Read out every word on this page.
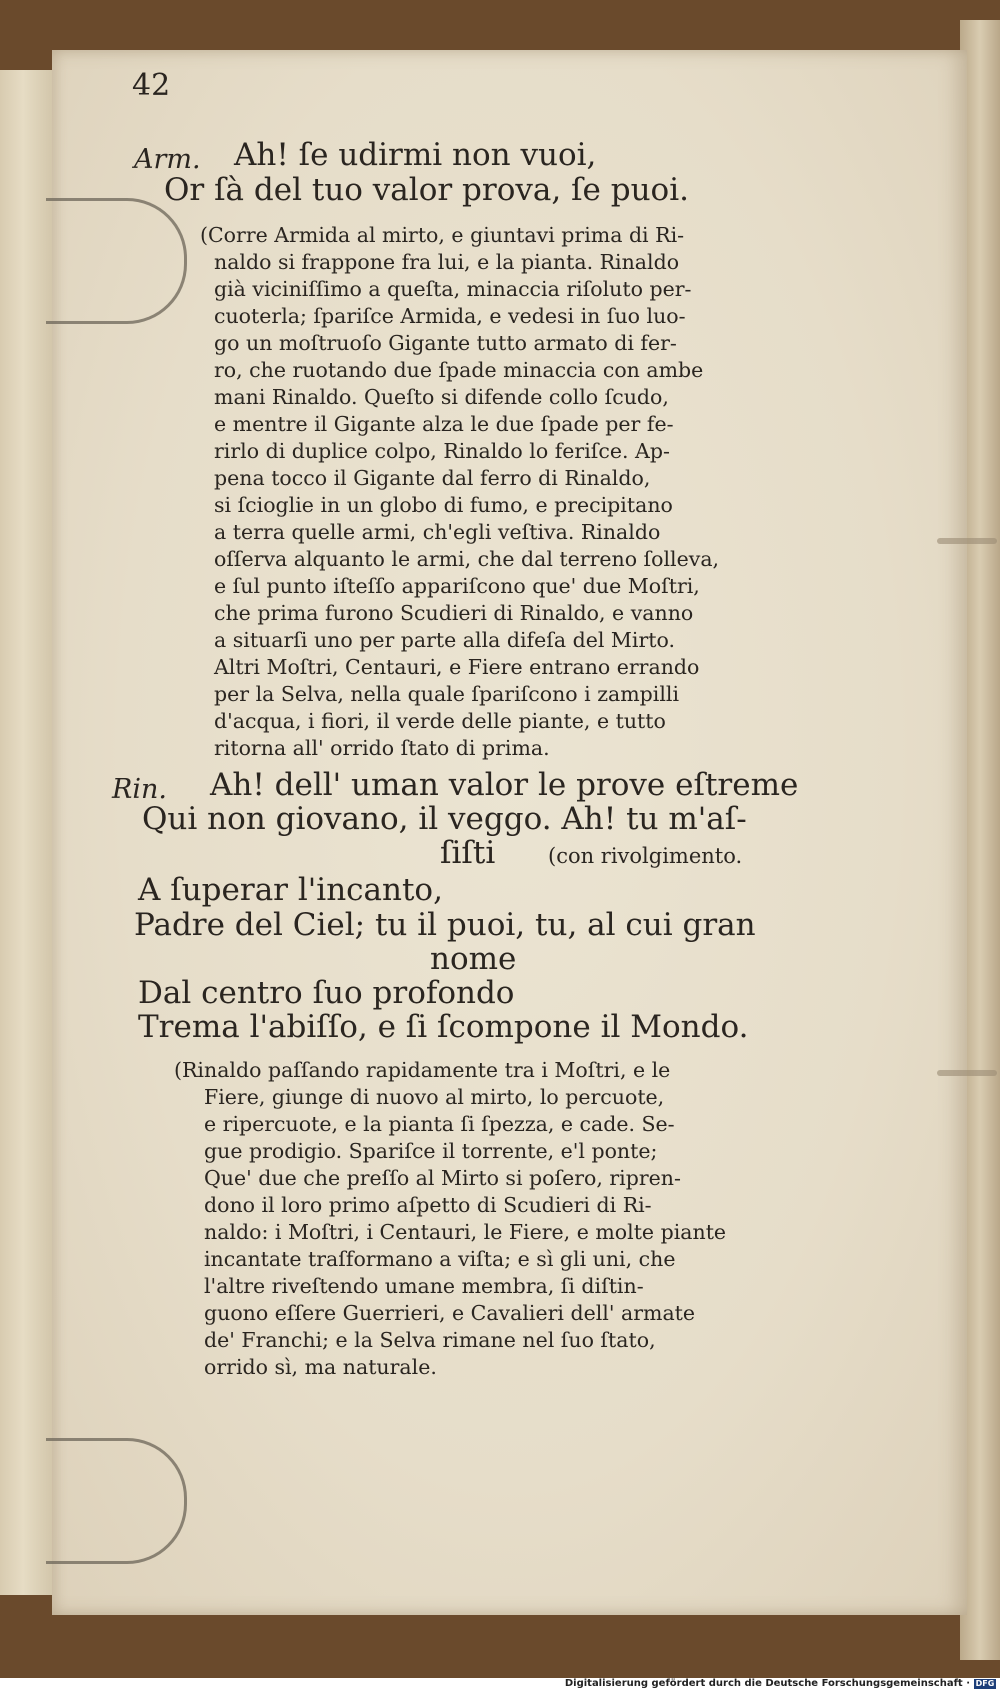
42
Arm. Ah! ſe udirmi non vuoi,
Or ſà del tuo valor prova, ſe puoi.
(Corre Armida al mirto, e giuntavi prima di Ri-
naldo si frappone fra lui, e la pianta. Rinaldo
già viciniſſimo a queſta, minaccia riſoluto per-
cuoterla; ſpariſce Armida, e vedesi in ſuo luo-
go un moſtruoſo Gigante tutto armato di fer-
ro, che ruotando due ſpade minaccia con ambe
mani Rinaldo. Queſto si difende collo ſcudo,
e mentre il Gigante alza le due ſpade per fe-
rirlo di duplice colpo, Rinaldo lo feriſce. Ap-
pena tocco il Gigante dal ferro di Rinaldo,
si ſcioglie in un globo di fumo, e precipitano
a terra quelle armi, ch'egli veſtiva. Rinaldo
oſſerva alquanto le armi, che dal terreno ſolleva,
e ſul punto iſteſſo appariſcono que' due Moſtri,
che prima furono Scudieri di Rinaldo, e vanno
a situarſi uno per parte alla difeſa del Mirto.
Altri Moſtri, Centauri, e Fiere entrano errando
per la Selva, nella quale ſpariſcono i zampilli
d'acqua, i fiori, il verde delle piante, e tutto
ritorna all' orrido ſtato di prima.
Rin. Ah! dell' uman valor le prove eſtreme
Qui non giovano, il veggo. Ah! tu m'aſ-
ſiſti	(con rivolgimento.
A ſuperar l'incanto,
Padre del Ciel; tu il puoi, tu, al cui gran
nome
Dal centro ſuo profondo
Trema l'abiſſo, e ſi ſcompone il Mondo.
(Rinaldo paſſando rapidamente tra i Moſtri, e le
Fiere, giunge di nuovo al mirto, lo percuote,
e ripercuote, e la pianta ſi ſpezza, e cade. Se-
gue prodigio. Spariſce il torrente, e'l ponte;
Que' due che preſſo al Mirto si poſero, ripren-
dono il loro primo aſpetto di Scudieri di Ri-
naldo: i Moſtri, i Centauri, le Fiere, e molte piante
incantate traſformano a viſta; e sì gli uni, che
l'altre riveſtendo umane membra, ſi diſtin-
guono eſſere Guerrieri, e Cavalieri dell' armate
de' Franchi; e la Selva rimane nel ſuo ſtato,
orrido sì, ma naturale.
Digitalisierung gefördert durch die Deutsche Forschungsgemeinschaft · DFG
